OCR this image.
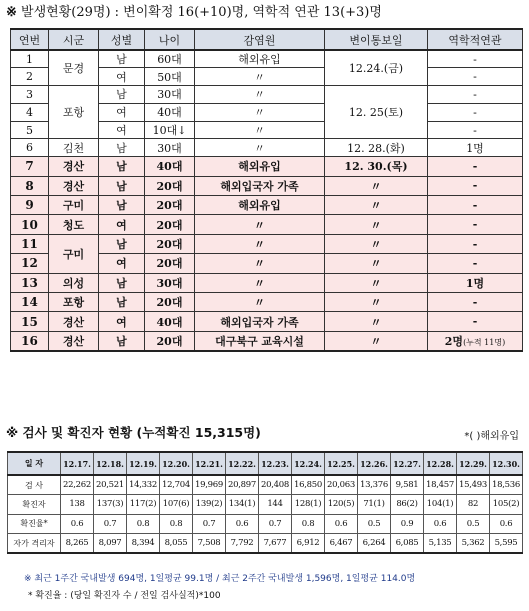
※ 발생현황(29명) : 변이확정 16(+10)명, 역학적 연관 13(+3)명
연번	시군	성별	나이	감염원	변이통보일	역학적연관
1	문경	남	60대	해외유입	12.24.(금)	-
2		여	50대	〃		-
3	포항	남	30대	〃	12. 25(토)	-
4		여	40대	〃		-
5		여	10대↓	〃		-
6	김천	남	30대	〃	12. 28.(화)	1명
7	경산	남	40대	해외유입	12. 30.(목)	-
8	경산	남	20대	해외입국자 가족	〃	-
9	구미	남	20대	해외유입	〃	-
10	청도	여	20대	〃	〃	-
11	구미	남	20대	〃	〃	-
12		여	20대	〃	〃	-
13	의성	남	30대	〃	〃	1명
14	포항	남	20대	〃	〃	-
15	경산	여	40대	해외입국자 가족	〃	-
16	경산	남	20대	대구북구 교육시설	〃	2명(누적 11명)
※ 검사 및 확진자 현황 (누적확진 15,315명)	*( )해외유입
일 자	12.17.	12.18.	12.19.	12.20.	12.21.	12.22.	12.23.	12.24.	12.25.	12.26.	12.27.	12.28.	12.29.	12.30.
검 사	22,262	20,521	14,332	12,704	19,969	20,897	20,408	16,850	20,063	13,376	9,581	18,457	15,493	18,536
확진자	138	137(3)	117(2)	107(6)	139(2)	134(1)	144	128(1)	120(5)	71(1)	86(2)	104(1)	82	105(2)
확진율*	0.6	0.7	0.8	0.8	0.7	0.6	0.7	0.8	0.6	0.5	0.9	0.6	0.5	0.6
자가 격리자	8,265	8,097	8,394	8,055	7,508	7,792	7,677	6,912	6,467	6,264	6,085	5,135	5,362	5,595
※ 최근 1주간 국내발생 694명, 1일평균 99.1명 / 최근 2주간 국내발생 1,596명, 1일평균 114.0명
* 확진율 : (당일 확진자 수 / 전일 검사실적)*100
